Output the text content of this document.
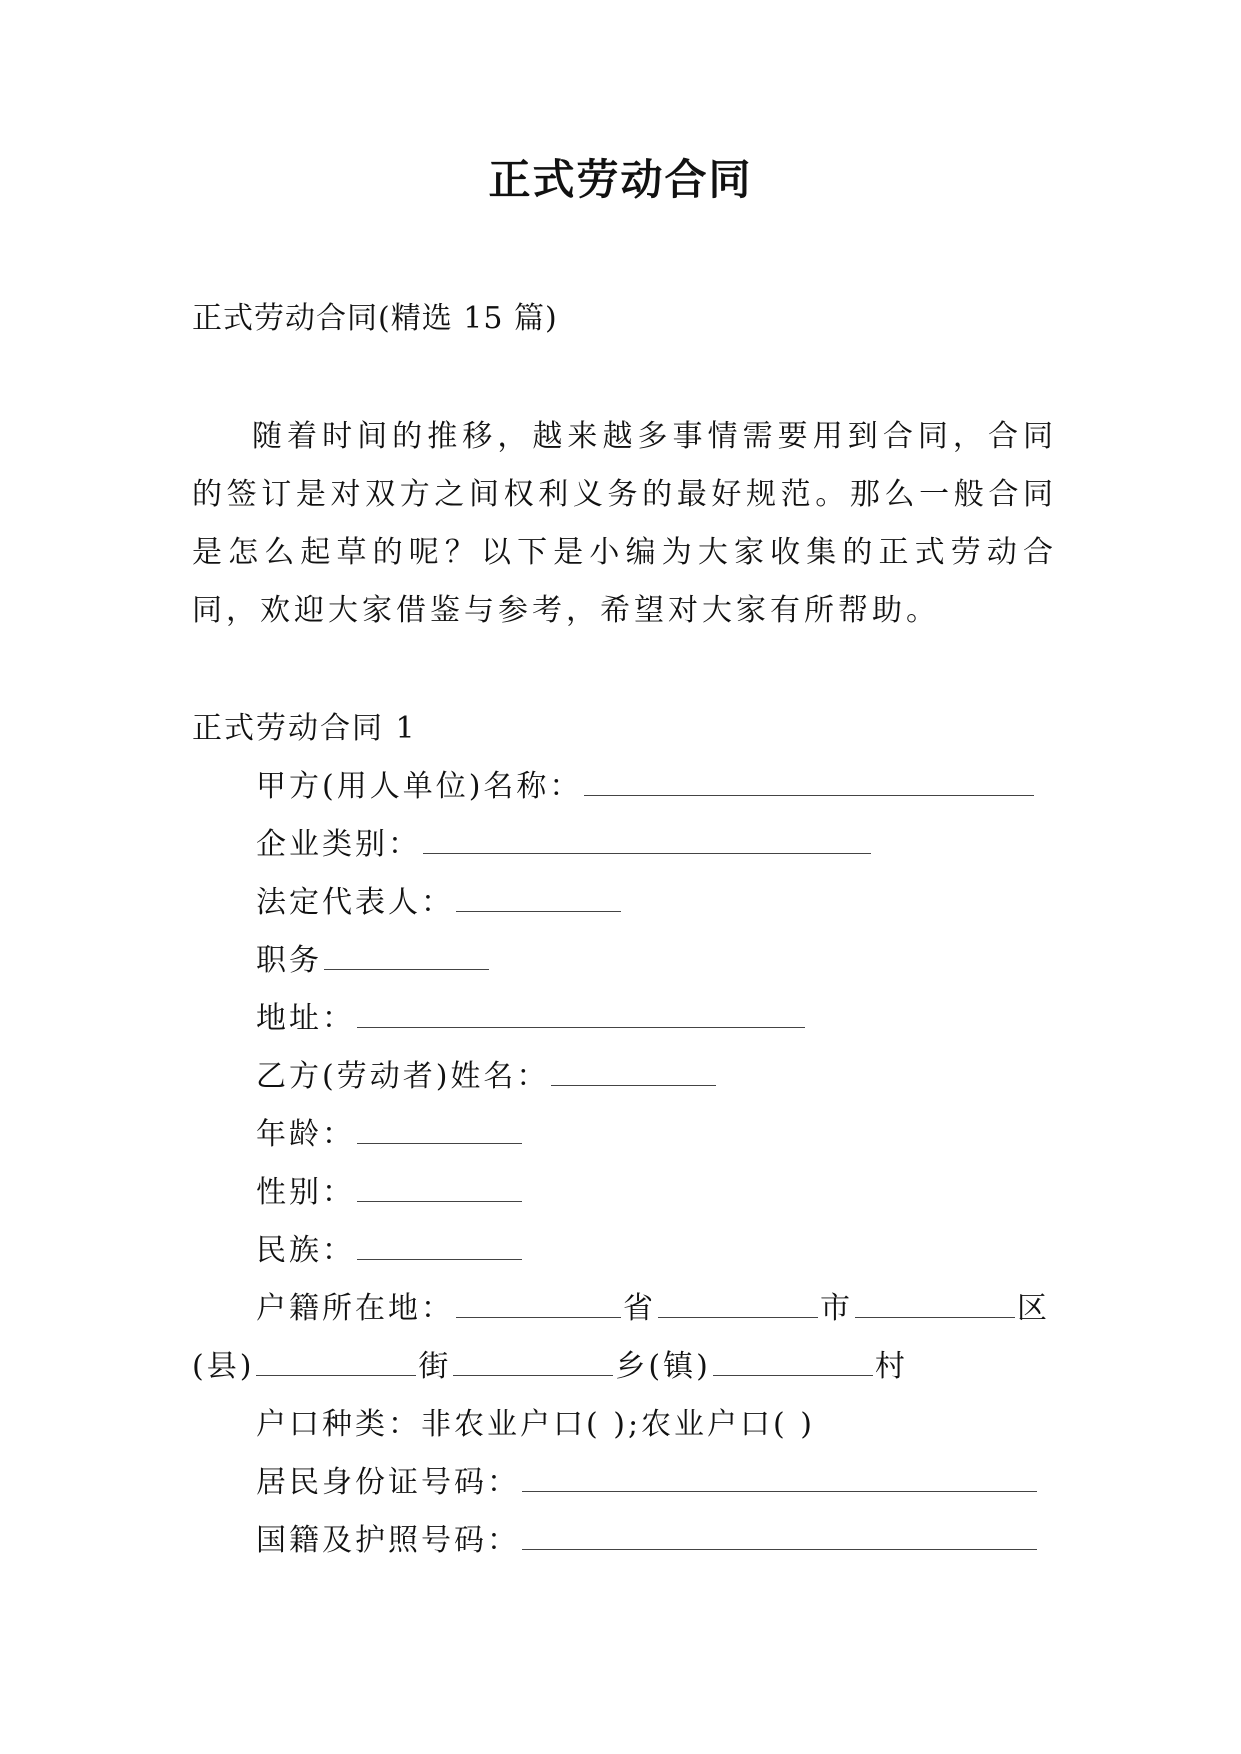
正式劳动合同

正式劳动合同(精选 15 篇)

随着时间的推移，越来越多事情需要用到合同，合同的签订是对双方之间权利义务的最好规范。那么一般合同是怎么起草的呢？以下是小编为大家收集的正式劳动合同，欢迎大家借鉴与参考，希望对大家有所帮助。

正式劳动合同 1

甲方(用人单位)名称：

企业类别：

法定代表人：

职务

地址：

乙方(劳动者)姓名：

年龄：

性别：

民族：

户籍所在地：	省	市	区(县)	街	乡(镇)	村

户口种类：非农业户口( );农业户口( )

居民身份证号码：

国籍及护照号码：
